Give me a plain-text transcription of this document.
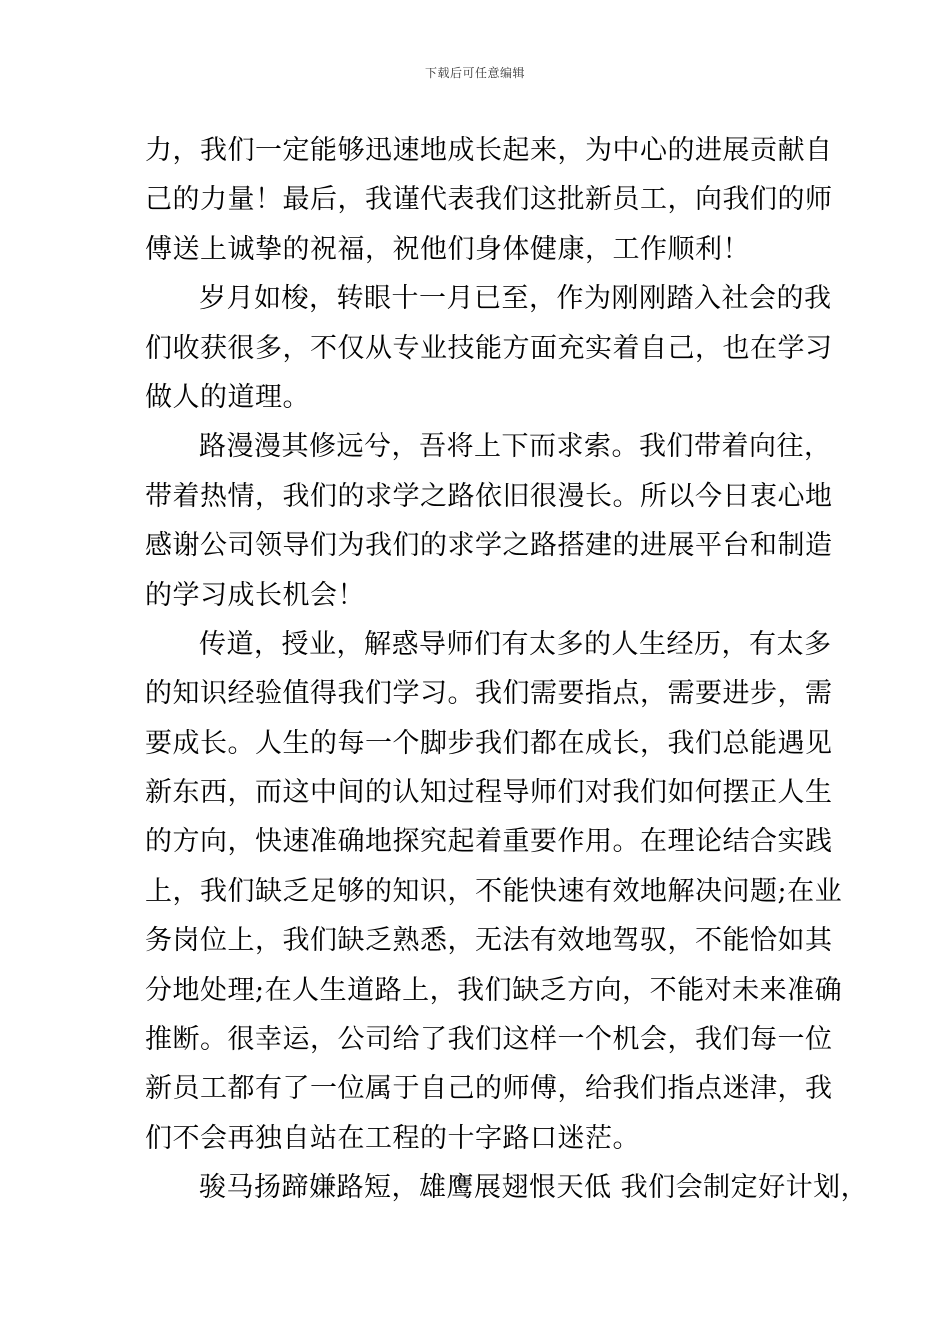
下载后可任意编辑
力，我们一定能够迅速地成长起来，为中心的进展贡献自
己的力量！最后，我谨代表我们这批新员工，向我们的师
傅送上诚挚的祝福，祝他们身体健康，工作顺利！
岁月如梭，转眼十一月已至，作为刚刚踏入社会的我
们收获很多，不仅从专业技能方面充实着自己，也在学习
做人的道理。
路漫漫其修远兮，吾将上下而求索。我们带着向往，
带着热情，我们的求学之路依旧很漫长。所以今日衷心地
感谢公司领导们为我们的求学之路搭建的进展平台和制造
的学习成长机会！
传道，授业，解惑导师们有太多的人生经历，有太多
的知识经验值得我们学习。我们需要指点，需要进步，需
要成长。人生的每一个脚步我们都在成长，我们总能遇见
新东西，而这中间的认知过程导师们对我们如何摆正人生
的方向，快速准确地探究起着重要作用。在理论结合实践
上，我们缺乏足够的知识，不能快速有效地解决问题;在业
务岗位上，我们缺乏熟悉，无法有效地驾驭，不能恰如其
分地处理;在人生道路上，我们缺乏方向，不能对未来准确
推断。很幸运，公司给了我们这样一个机会，我们每一位
新员工都有了一位属于自己的师傅，给我们指点迷津，我
们不会再独自站在工程的十字路口迷茫。
骏马扬蹄嫌路短，雄鹰展翅恨天低 我们会制定好计划，
